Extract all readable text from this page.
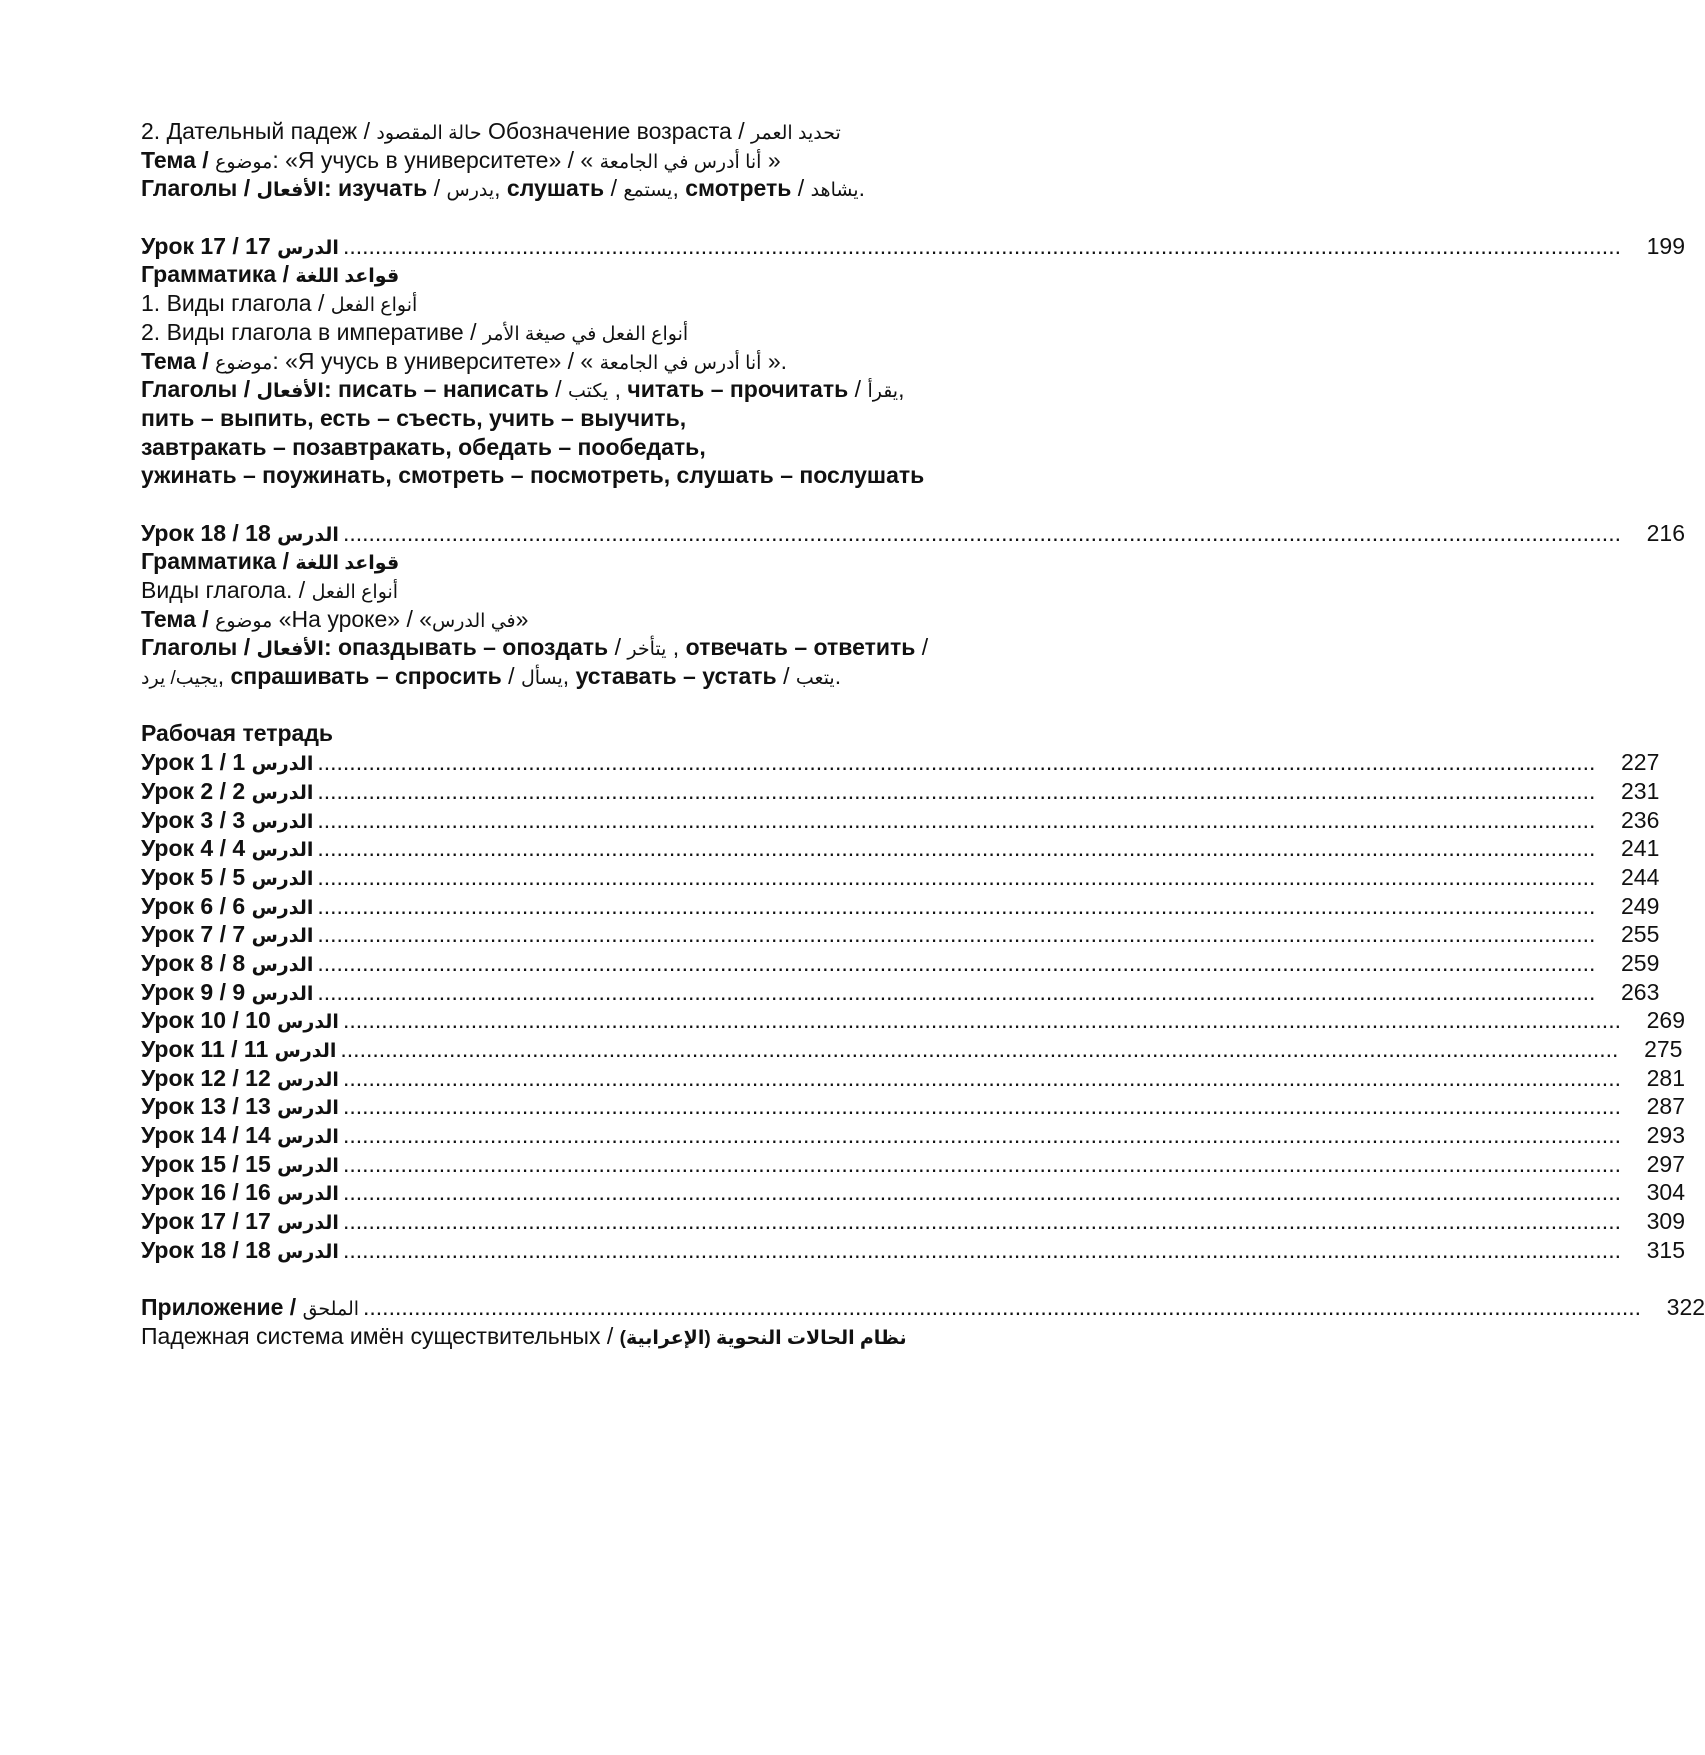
2. Дательный падеж / حالة المقصود Обозначение возраста / تحديد العمر
Тема / موضوع: «Я учусь в университете» / « أنا أدرس في الجامعة »
Глаголы / الأفعال: изучать / يدرس, слушать / يستمع, смотреть / يشاهد.
Урок 17 / 17 الدرس ........................................................................................................................................................................................................	199
Грамматика / قواعد اللغة
1. Виды глагола / أنواع الفعل
2. Виды глагола в императиве / أنواع الفعل في صيغة الأمر
Тема / موضوع: «Я учусь в университете» / « أنا أدرس في الجامعة ».
Глаголы / الأفعال: писать – написать / يكتب , читать – прочитать / يقرأ,
пить – выпить, есть – съесть, учить – выучить,
завтракать – позавтракать, обедать – пообедать,
ужинать – поужинать, смотреть – посмотреть, слушать – послушать
Урок 18 / 18 الدرس ........................................................................................................................................................................................................	216
Грамматика / قواعد اللغة
Виды глагола. / أنواع الفعل
Тема / موضوع «На уроке» / «في الدرس»
Глаголы / الأفعال: опаздывать – опоздать / يتأخر , отвечать – ответить /
يجيب/ يرد, спрашивать – спросить / يسأل, уставать – устать / يتعب.
Рабочая тетрадь
Урок 1 / 1 الدرس ........................................................................................................................................................................................................	227
Урок 2 / 2 الدرس ........................................................................................................................................................................................................	231
Урок 3 / 3 الدرس ........................................................................................................................................................................................................	236
Урок 4 / 4 الدرس ........................................................................................................................................................................................................	241
Урок 5 / 5 الدرس ........................................................................................................................................................................................................	244
Урок 6 / 6 الدرس ........................................................................................................................................................................................................	249
Урок 7 / 7 الدرس ........................................................................................................................................................................................................	255
Урок 8 / 8 الدرس ........................................................................................................................................................................................................	259
Урок 9 / 9 الدرس ........................................................................................................................................................................................................	263
Урок 10 / 10 الدرس ........................................................................................................................................................................................................	269
Урок 11 / 11 الدرس ........................................................................................................................................................................................................	275
Урок 12 / 12 الدرس ........................................................................................................................................................................................................	281
Урок 13 / 13 الدرس ........................................................................................................................................................................................................	287
Урок 14 / 14 الدرس ........................................................................................................................................................................................................	293
Урок 15 / 15 الدرس ........................................................................................................................................................................................................	297
Урок 16 / 16 الدرس ........................................................................................................................................................................................................	304
Урок 17 / 17 الدرس ........................................................................................................................................................................................................	309
Урок 18 / 18 الدرس ........................................................................................................................................................................................................	315
Приложение / الملحق ........................................................................................................................................................................................................	322
Падежная система имён существительных / نظام الحالات النحوية (الإعرابية)
